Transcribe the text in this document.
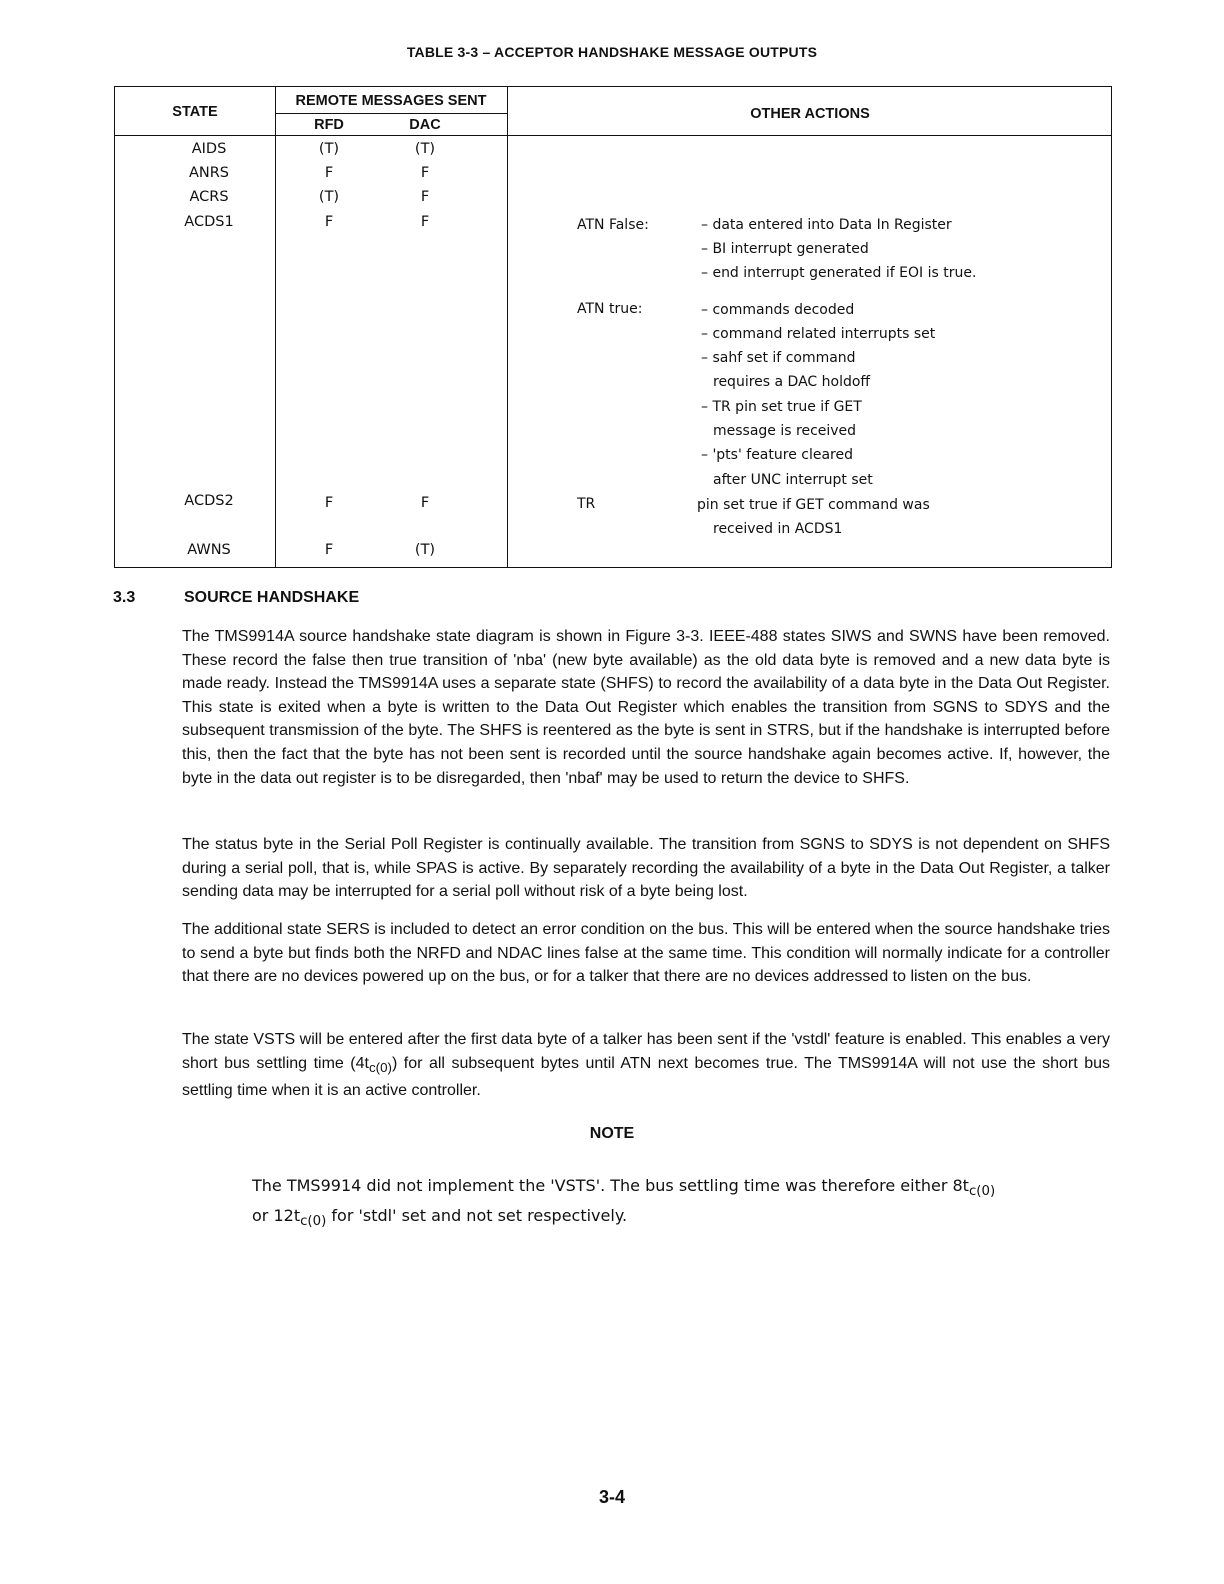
TABLE 3-3 – ACCEPTOR HANDSHAKE MESSAGE OUTPUTS
STATE
REMOTE MESSAGES SENT
RFD	DAC
OTHER ACTIONS
AIDS	(T)	(T)
ANRS	F	F
ACRS	(T)	F
ACDS1	F	F	ATN False:	– data entered into Data In Register
– BI interrupt generated
– end interrupt generated if EOI is true.
ATN true:	– commands decoded
– command related interrupts set
– sahf set if command
requires a DAC holdoff
– TR pin set true if GET
message is received
– 'pts' feature cleared
after UNC interrupt set
ACDS2	F	F	TR	pin set true if GET command was
received in ACDS1
AWNS	F	(T)
3.3	SOURCE HANDSHAKE

The TMS9914A source handshake state diagram is shown in Figure 3-3. IEEE-488 states SIWS and SWNS have been removed. These record the false then true transition of 'nba' (new byte available) as the old data byte is removed and a new data byte is made ready. Instead the TMS9914A uses a separate state (SHFS) to record the availability of a data byte in the Data Out Register. This state is exited when a byte is written to the Data Out Register which enables the transition from SGNS to SDYS and the subsequent transmission of the byte. The SHFS is reentered as the byte is sent in STRS, but if the handshake is interrupted before this, then the fact that the byte has not been sent is recorded until the source handshake again becomes active. If, however, the byte in the data out register is to be disregarded, then 'nbaf' may be used to return the device to SHFS.

The status byte in the Serial Poll Register is continually available. The transition from SGNS to SDYS is not dependent on SHFS during a serial poll, that is, while SPAS is active. By separately recording the availability of a byte in the Data Out Register, a talker sending data may be interrupted for a serial poll without risk of a byte being lost.

The additional state SERS is included to detect an error condition on the bus. This will be entered when the source handshake tries to send a byte but finds both the NRFD and NDAC lines false at the same time. This condition will normally indicate for a controller that there are no devices powered up on the bus, or for a talker that there are no devices addressed to listen on the bus.

The state VSTS will be entered after the first data byte of a talker has been sent if the 'vstdl' feature is enabled. This enables a very short bus settling time $(4t_{c(0)})$ for all subsequent bytes until ATN next becomes true. The TMS9914A will not use the short bus settling time when it is an active controller.

NOTE
The TMS9914 did not implement the 'VSTS'. The bus settling time was therefore either $8t_{c(0)}$ or $12t_{c(0)}$ for 'stdl' set and not set respectively.
3-4
